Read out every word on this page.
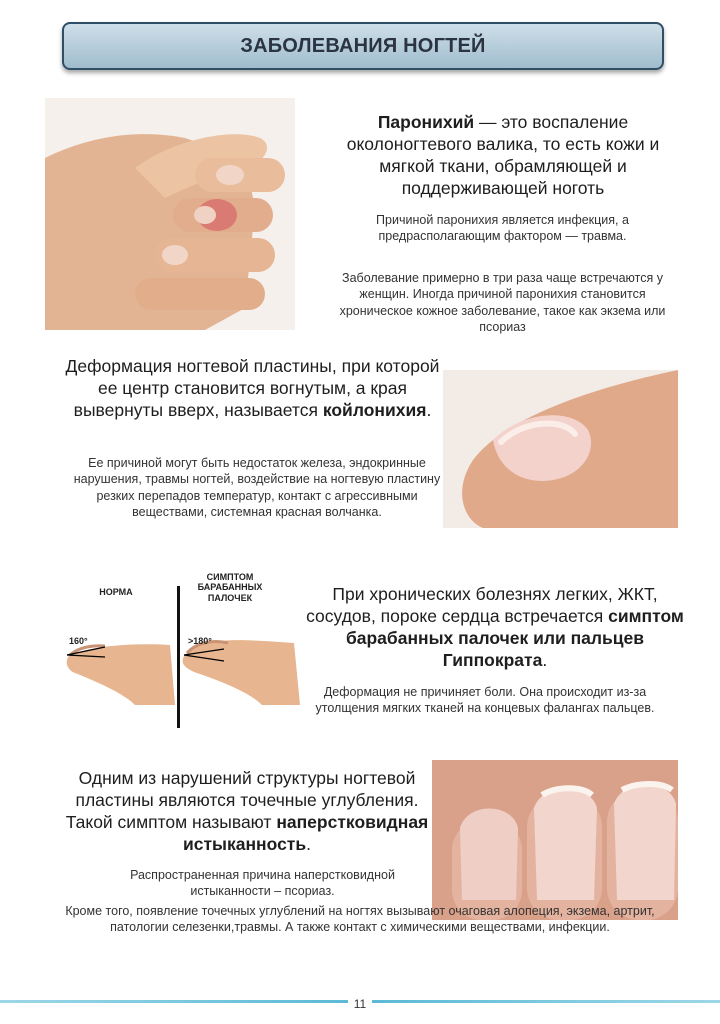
ЗАБОЛЕВАНИЯ НОГТЕЙ
Паронихий — это воспаление околоногтевого валика, то есть кожи и мягкой ткани, обрамляющей и поддерживающей ноготь
Причиной паронихия является инфекция, а предрасполагающим фактором — травма.
Заболевание примерно в три раза чаще встречаются у женщин. Иногда причиной паронихия становится хроническое кожное заболевание, такое как экзема или псориаз
Деформация ногтевой пластины, при которой ее центр становится вогнутым, а края вывернуты вверх, называется койлонихия.
Ее причиной могут быть недостаток железа, эндокринные нарушения, травмы ногтей, воздействие на ногтевую пластину резких перепадов температур, контакт с агрессивными веществами, системная красная волчанка.
НОРМА
СИМПТОМ
БАРАБАННЫХ
ПАЛОЧЕК
160°	>180°
При хронических болезнях легких, ЖКТ, сосудов, пороке сердца встречается симптом барабанных палочек или пальцев Гиппократа.
Деформация не причиняет боли. Она происходит из-за утолщения мягких тканей на концевых фалангах пальцев.
Одним из нарушений структуры ногтевой пластины являются точечные углубления. Такой симптом называют наперстковидная истыканность.
Распространенная причина наперстковидной истыканности – псориаз.
Кроме того, появление точечных углублений на ногтях вызывают очаговая алопеция, экзема, артрит, патологии селезенки,травмы. А также контакт с химическими веществами, инфекции.
11
